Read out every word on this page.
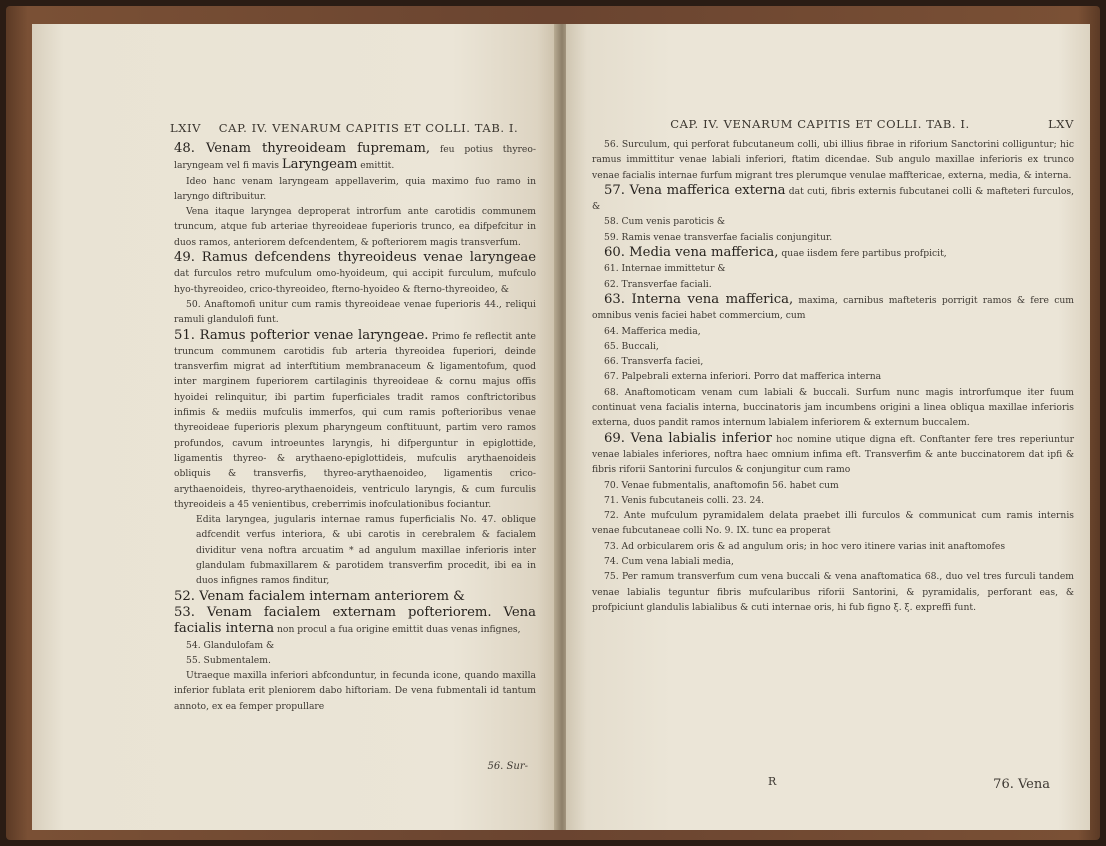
LXIV	CAP. IV. VENARUM CAPITIS ET COLLI. TAB. I.

48. Venam thyreoideam fupremam, feu potius thyreo-laryngeam vel fi mavis Laryngeam emittit.

Ideo hanc venam laryngeam appellaverim, quia maximo fuo ramo in laryngo diftribuitur.

Vena itaque laryngea deproperat introrfum ante carotidis communem truncum, atque fub arteriae thyreoideae fuperioris trunco, ea difpefcitur in duos ramos, anteriorem defcendentem, & pofteriorem magis transverfum.

49. Ramus defcendens thyreoideus venae laryngeae dat furculos retro mufculum omo-hyoideum, qui accipit furculum, mufculo hyo-thyreoideo, crico-thyreoideo, fterno-hyoideo & fterno-thyreoideo, &

50. Anaftomofi unitur cum ramis thyreoideae venae fuperioris 44., reliqui ramuli glandulofi funt.

51. Ramus pofterior venae laryngeae. Primo fe reflectit ante truncum communem carotidis fub arteria thyreoidea fuperiori, deinde transverfim migrat ad interftitium membranaceum & ligamentofum, quod inter marginem fuperiorem cartilaginis thyreoideae & cornu majus offis hyoidei relinquitur, ibi partim fuperficiales tradit ramos conftrictoribus infimis & mediis mufculis immerfos, qui cum ramis pofterioribus venae thyreoideae fuperioris plexum pharyngeum conftituunt, partim vero ramos profundos, cavum introeuntes laryngis, hi difperguntur in epiglottide, ligamentis thyreo- & arythaeno-epiglottideis, mufculis arythaenoideis obliquis & transverfis, thyreo-arythaenoideo, ligamentis crico-arythaenoideis, thyreo-arythaenoideis, ventriculo laryngis, & cum furculis thyreoideis a 45 venientibus, creberrimis inofculationibus fociantur.

Edita laryngea, jugularis internae ramus fuperficialis No. 47. oblique adfcendit verfus interiora, & ubi carotis in cerebralem & facialem dividitur vena noftra arcuatim * ad angulum maxillae inferioris inter glandulam fubmaxillarem & parotidem transverfim procedit, ibi ea in duos infignes ramos finditur,

52. Venam facialem internam anteriorem &

53. Venam facialem externam pofteriorem. Vena facialis interna non procul a fua origine emittit duas venas infignes,

54. Glandulofam &

55. Submentalem.

Utraeque maxilla inferiori abfconduntur, in fecunda icone, quando maxilla inferior fublata erit pleniorem dabo hiftoriam. De vena fubmentali id tantum annoto, ex ea femper propullare

56. Sur-
CAP. IV. VENARUM CAPITIS ET COLLI. TAB. I.	LXV

56. Surculum, qui perforat fubcutaneum colli, ubi illius fibrae in riforium Sanctorini colliguntur; hic ramus immittitur venae labiali inferiori, ftatim dicendae. Sub angulo maxillae inferioris ex trunco venae facialis internae furfum migrant tres plerumque venulae mafftericae, externa, media, & interna.

57. Vena mafferica externa dat cuti, fibris externis fubcutanei colli & mafteteri furculos, &

58. Cum venis paroticis &

59. Ramis venae transverfae facialis conjungitur.

60. Media vena mafferica, quae iisdem fere partibus profpicit,

61. Internae immittetur &

62. Transverfae faciali.

63. Interna vena mafferica, maxima, carnibus mafteteris porrigit ramos & fere cum omnibus venis faciei habet commercium, cum

64. Mafferica media,

65. Buccali,

66. Transverfa faciei,

67. Palpebrali externa inferiori. Porro dat mafferica interna

68. Anaftomoticam venam cum labiali & buccali. Surfum nunc magis introrfumque iter fuum continuat vena facialis interna, buccinatoris jam incumbens origini a linea obliqua maxillae inferioris externa, duos pandit ramos internum labialem inferiorem & externum buccalem.

69. Vena labialis inferior hoc nomine utique digna eft. Conftanter fere tres reperiuntur venae labiales inferiores, noftra haec omnium infima eft. Transverfim & ante buccinatorem dat ipfi & fibris riforii Santorini furculos & conjungitur cum ramo

70. Venae fubmentalis, anaftomofin 56. habet cum

71. Venis fubcutaneis colli. 23. 24.

72. Ante mufculum pyramidalem delata praebet illi furculos & communicat cum ramis internis venae fubcutaneae colli No. 9. IX. tunc ea properat

73. Ad orbicularem oris & ad angulum oris; in hoc vero itinere varias init anaftomofes

74. Cum vena labiali media,

75. Per ramum transverfum cum vena buccali & vena anaftomatica 68., duo vel tres furculi tandem venae labialis teguntur fibris mufcularibus riforii Santorini, & pyramidalis, perforant eas, & profpiciunt glandulis labialibus & cuti internae oris, hi fub figno ξ. ξ. expreffi funt.

R	76. Vena
